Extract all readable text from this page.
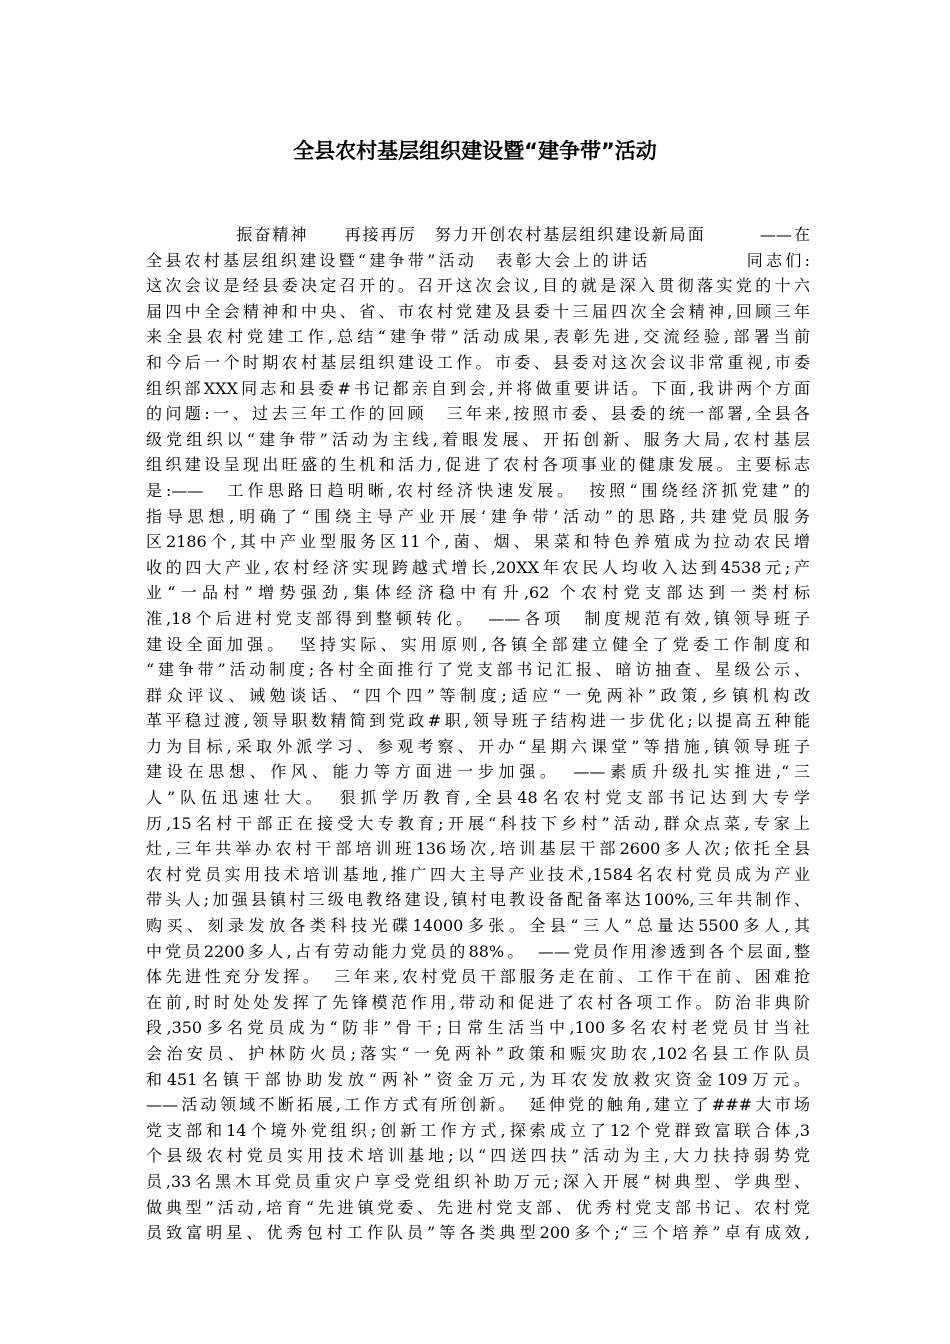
全县农村基层组织建设暨“建争带”活动
　　　　　振奋精神　　再接再厉　努力开创农村基层组织建设新局面　　　——在
全县农村基层组织建设暨“建争带”活动　表彰大会上的讲话　　　　　同志们:
这次会议是经县委决定召开的。召开这次会议,目的就是深入贯彻落实党的十六
届四中全会精神和中央、省、市农村党建及县委十三届四次全会精神,回顾三年
来全县农村党建工作,总结“建争带”活动成果,表彰先进,交流经验,部署当前
和今后一个时期农村基层组织建设工作。市委、县委对这次会议非常重视,市委
组织部XXX同志和县委#书记都亲自到会,并将做重要讲话。下面,我讲两个方面
的问题:一、过去三年工作的回顾　三年来,按照市委、县委的统一部署,全县各
级党组织以“建争带”活动为主线,着眼发展、开拓创新、服务大局,农村基层
组织建设呈现出旺盛的生机和活力,促进了农村各项事业的健康发展。主要标志
是:——　工作思路日趋明晰,农村经济快速发展。　按照“围绕经济抓党建”的
指导思想,明确了“围绕主导产业开展‘建争带’活动”的思路,共建党员服务
区2186个,其中产业型服务区11个,菌、烟、果菜和特色养殖成为拉动农民增
收的四大产业,农村经济实现跨越式增长,20XX年农民人均收入达到4538元;产
业“一品村”增势强劲,集体经济稳中有升,62 个农村党支部达到一类村标
准,18个后进村党支部得到整顿转化。　——各项　制度规范有效,镇领导班子
建设全面加强。　坚持实际、实用原则,各镇全部建立健全了党委工作制度和
“建争带”活动制度;各村全面推行了党支部书记汇报、暗访抽查、星级公示、
群众评议、诫勉谈话、“四个四”等制度;适应“一免两补”政策,乡镇机构改
革平稳过渡,领导职数精简到党政#职,领导班子结构进一步优化;以提高五种能
力为目标,采取外派学习、参观考察、开办“星期六课堂”等措施,镇领导班子
建设在思想、作风、能力等方面进一步加强。　——素质升级扎实推进,“三
人”队伍迅速壮大。　狠抓学历教育,全县48名农村党支部书记达到大专学
历,15名村干部正在接受大专教育;开展“科技下乡村”活动,群众点菜,专家上
灶,三年共举办农村干部培训班136场次,培训基层干部2600多人次;依托全县
农村党员实用技术培训基地,推广四大主导产业技术,1584名农村党员成为产业
带头人;加强县镇村三级电教络建设,镇村电教设备配备率达100%,三年共制作、
购买、刻录发放各类科技光碟14000多张。全县“三人”总量达5500多人,其
中党员2200多人,占有劳动能力党员的88%。　——党员作用渗透到各个层面,整
体先进性充分发挥。　三年来,农村党员干部服务走在前、工作干在前、困难抢
在前,时时处处发挥了先锋模范作用,带动和促进了农村各项工作。防治非典阶
段,350多名党员成为“防非”骨干;日常生活当中,100多名农村老党员甘当社
会治安员、护林防火员;落实“一免两补”政策和赈灾助农,102名县工作队员
和451名镇干部协助发放“两补”资金万元,为耳农发放救灾资金109万元。
——活动领域不断拓展,工作方式有所创新。　延伸党的触角,建立了###大市场
党支部和14个境外党组织;创新工作方式,探索成立了12个党群致富联合体,3
个县级农村党员实用技术培训基地;以“四送四扶”活动为主,大力扶持弱势党
员,33名黑木耳党员重灾户享受党组织补助万元;深入开展“树典型、学典型、
做典型”活动,培育“先进镇党委、先进村党支部、优秀村党支部书记、农村党
员致富明星、优秀包村工作队员”等各类典型200多个;“三个培养”卓有成效,
